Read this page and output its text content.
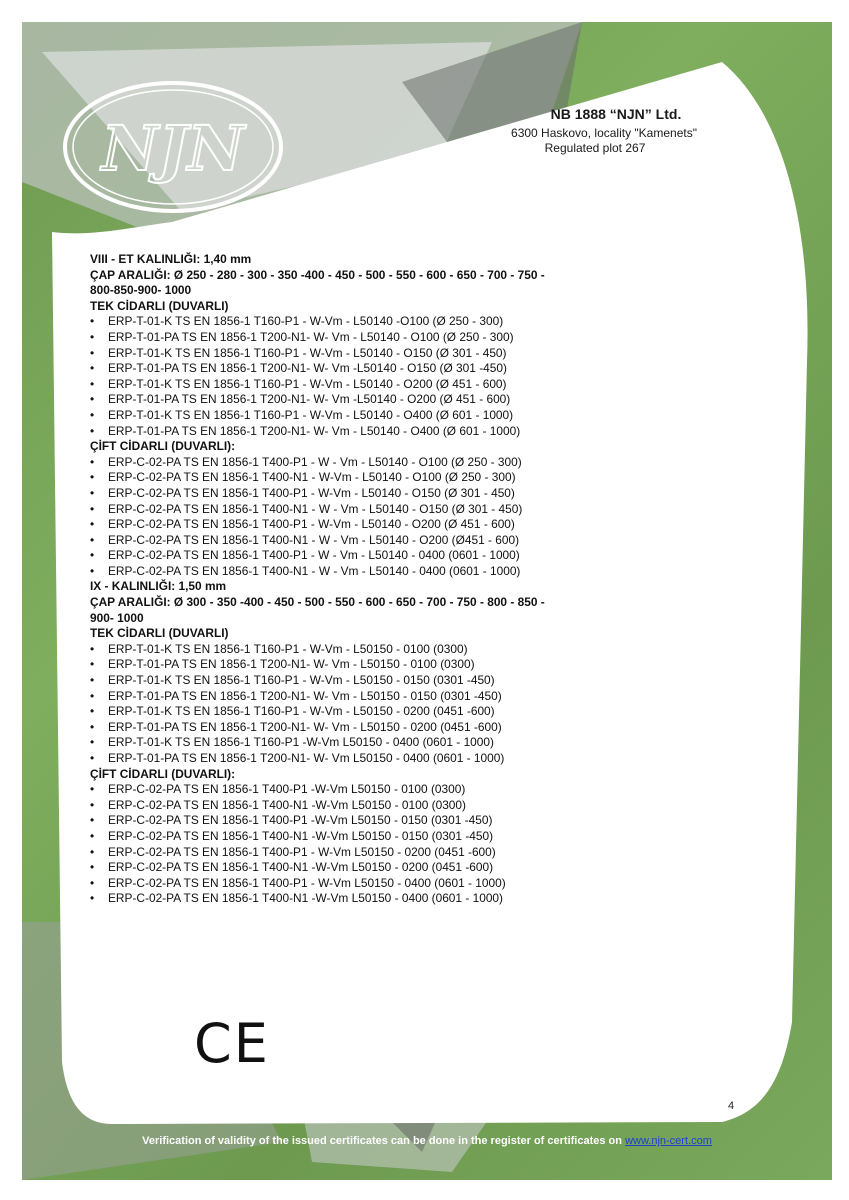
NJN	NB 1888 “NJN” Ltd.
6300 Haskovo, locality "Kamenets"
Regulated plot 267
VIII - ET KALINLIĞI: 1,40 mm
ÇAP ARALIĞI: Ø 250 - 280 - 300 - 350 -400 - 450 - 500 - 550 - 600 - 650 - 700 - 750 -
800-850-900- 1000
TEK CİDARLI (DUVARLI)
• ERP-T-01-K TS EN 1856-1 T160-P1 - W-Vm - L50140 -O100 (Ø 250 - 300)
• ERP-T-01-PA TS EN 1856-1 T200-N1- W- Vm - L50140 - O100 (Ø 250 - 300)
• ERP-T-01-K TS EN 1856-1 T160-P1 - W-Vm - L50140 - O150 (Ø 301 - 450)
• ERP-T-01-PA TS EN 1856-1 T200-N1- W- Vm -L50140 - O150 (Ø 301 -450)
• ERP-T-01-K TS EN 1856-1 T160-P1 - W-Vm - L50140 - O200 (Ø 451 - 600)
• ERP-T-01-PA TS EN 1856-1 T200-N1- W- Vm -L50140 - O200 (Ø 451 - 600)
• ERP-T-01-K TS EN 1856-1 T160-P1 - W-Vm - L50140 - O400 (Ø 601 - 1000)
• ERP-T-01-PA TS EN 1856-1 T200-N1- W- Vm - L50140 - O400 (Ø 601 - 1000)
ÇİFT CİDARLI (DUVARLI):
• ERP-C-02-PA TS EN 1856-1 T400-P1 - W - Vm - L50140 - O100 (Ø 250 - 300)
• ERP-C-02-PA TS EN 1856-1 T400-N1 - W-Vm - L50140 - O100 (Ø 250 - 300)
• ERP-C-02-PA TS EN 1856-1 T400-P1 - W-Vm - L50140 - O150 (Ø 301 - 450)
• ERP-C-02-PA TS EN 1856-1 T400-N1 - W - Vm - L50140 - O150 (Ø 301 - 450)
• ERP-C-02-PA TS EN 1856-1 T400-P1 - W-Vm - L50140 - O200 (Ø 451 - 600)
• ERP-C-02-PA TS EN 1856-1 T400-N1 - W - Vm - L50140 - O200 (Ø451 - 600)
• ERP-C-02-PA TS EN 1856-1 T400-P1 - W - Vm - L50140 - 0400 (0601 - 1000)
• ERP-C-02-PA TS EN 1856-1 T400-N1 - W - Vm - L50140 - 0400 (0601 - 1000)
IX - KALINLIĞI: 1,50 mm
ÇAP ARALIĞI: Ø 300 - 350 -400 - 450 - 500 - 550 - 600 - 650 - 700 - 750 - 800 - 850 -
900- 1000
TEK CİDARLI (DUVARLI)
• ERP-T-01-K TS EN 1856-1 T160-P1 - W-Vm - L50150 - 0100 (0300)
• ERP-T-01-PA TS EN 1856-1 T200-N1- W- Vm - L50150 - 0100 (0300)
• ERP-T-01-K TS EN 1856-1 T160-P1 - W-Vm - L50150 - 0150 (0301 -450)
• ERP-T-01-PA TS EN 1856-1 T200-N1- W- Vm - L50150 - 0150 (0301 -450)
• ERP-T-01-K TS EN 1856-1 T160-P1 - W-Vm - L50150 - 0200 (0451 -600)
• ERP-T-01-PA TS EN 1856-1 T200-N1- W- Vm - L50150 - 0200 (0451 -600)
• ERP-T-01-K TS EN 1856-1 T160-P1 -W-Vm L50150 - 0400 (0601 - 1000)
• ERP-T-01-PA TS EN 1856-1 T200-N1- W- Vm L50150 - 0400 (0601 - 1000)
ÇİFT CİDARLI (DUVARLI):
• ERP-C-02-PA TS EN 1856-1 T400-P1 -W-Vm L50150 - 0100 (0300)
• ERP-C-02-PA TS EN 1856-1 T400-N1 -W-Vm L50150 - 0100 (0300)
• ERP-C-02-PA TS EN 1856-1 T400-P1 -W-Vm L50150 - 0150 (0301 -450)
• ERP-C-02-PA TS EN 1856-1 T400-N1 -W-Vm L50150 - 0150 (0301 -450)
• ERP-C-02-PA TS EN 1856-1 T400-P1 - W-Vm L50150 - 0200 (0451 -600)
• ERP-C-02-PA TS EN 1856-1 T400-N1 -W-Vm L50150 - 0200 (0451 -600)
• ERP-C-02-PA TS EN 1856-1 T400-P1 - W-Vm L50150 - 0400 (0601 - 1000)
• ERP-C-02-PA TS EN 1856-1 T400-N1 -W-Vm L50150 - 0400 (0601 - 1000)
CE
4
Verification of validity of the issued certificates can be done in the register of certificates on www.njn-cert.com
